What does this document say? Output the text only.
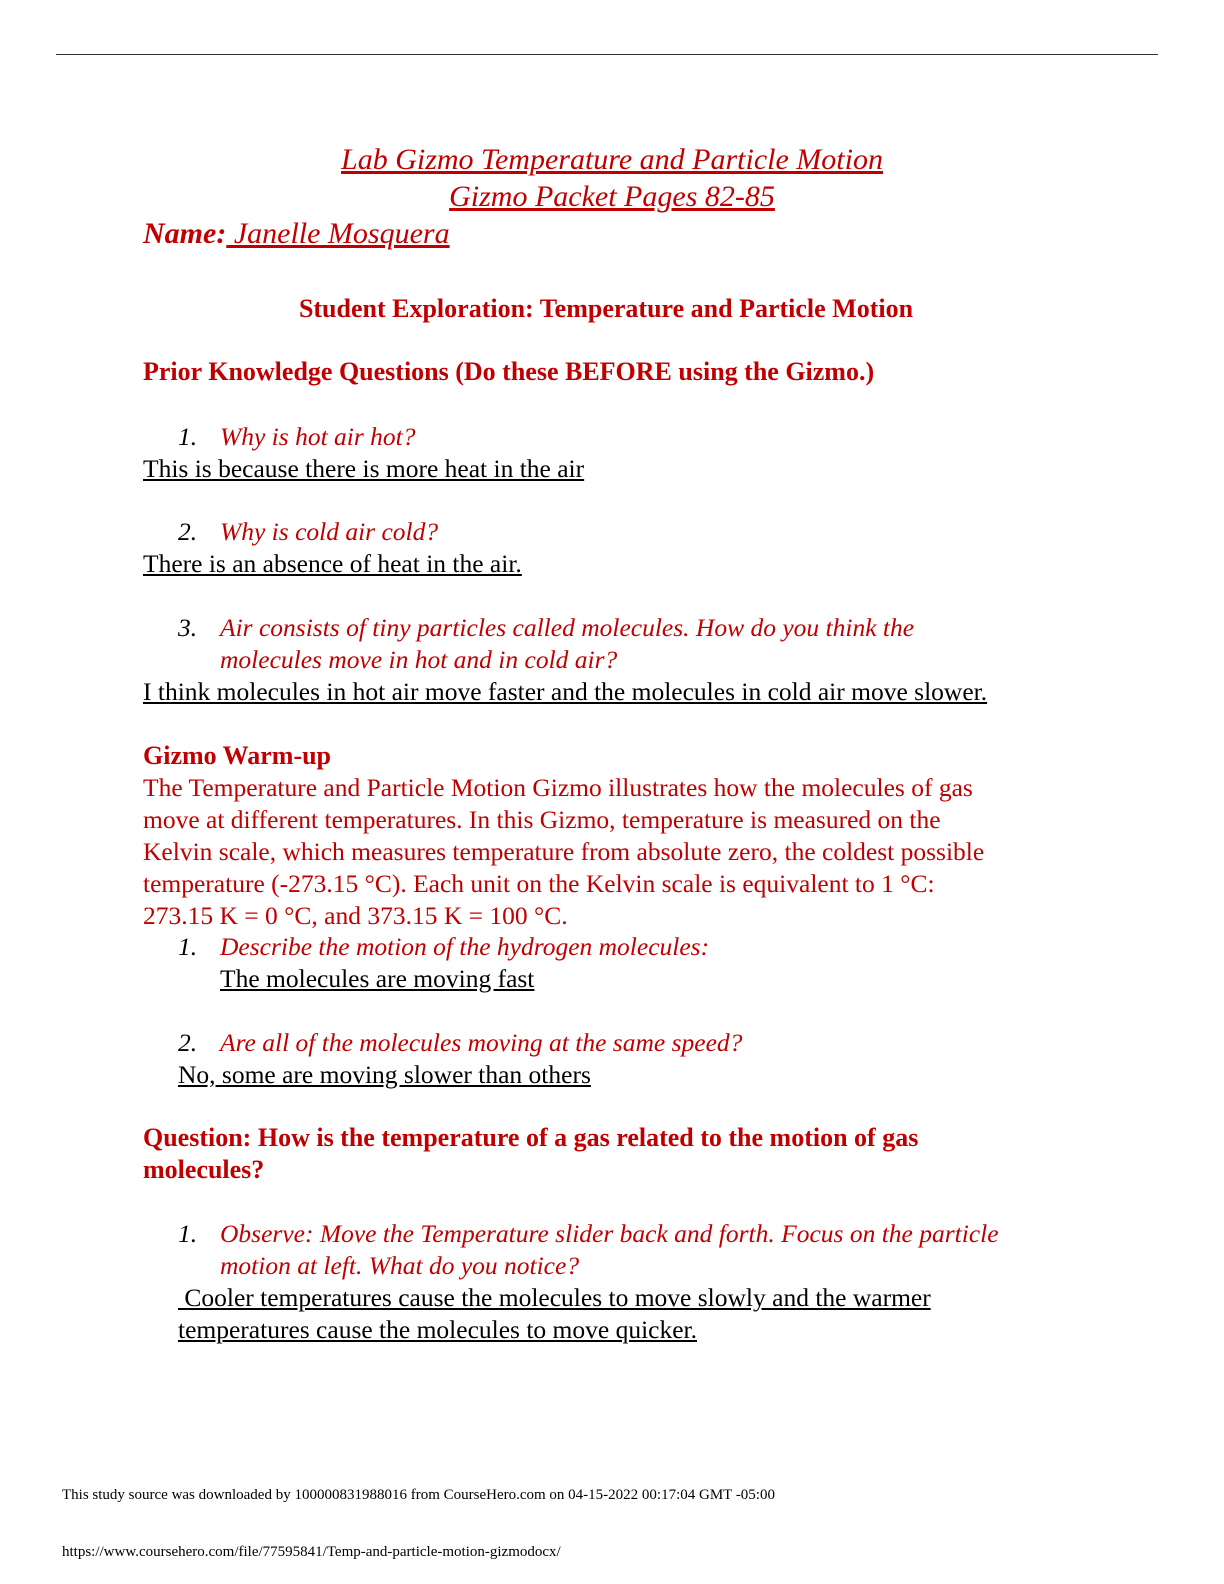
Lab Gizmo Temperature and Particle Motion
Gizmo Packet Pages 82-85
Name: Janelle Mosquera
Student Exploration: Temperature and Particle Motion
Prior Knowledge Questions (Do these BEFORE using the Gizmo.)
1. Why is hot air hot?
This is because there is more heat in the air
2. Why is cold air cold?
There is an absence of heat in the air.
3. Air consists of tiny particles called molecules. How do you think the
molecules move in hot and in cold air?
I think molecules in hot air move faster and the molecules in cold air move slower.
Gizmo Warm-up
The Temperature and Particle Motion Gizmo illustrates how the molecules of gas
move at different temperatures. In this Gizmo, temperature is measured on the
Kelvin scale, which measures temperature from absolute zero, the coldest possible
temperature (-273.15 °C). Each unit on the Kelvin scale is equivalent to 1 °C:
273.15 K = 0 °C, and 373.15 K = 100 °C.
1. Describe the motion of the hydrogen molecules:
The molecules are moving fast
2. Are all of the molecules moving at the same speed?
No, some are moving slower than others
Question: How is the temperature of a gas related to the motion of gas
molecules?
1. Observe: Move the Temperature slider back and forth. Focus on the particle
motion at left. What do you notice?
Cooler temperatures cause the molecules to move slowly and the warmer
temperatures cause the molecules to move quicker.
This study source was downloaded by 100000831988016 from CourseHero.com on 04-15-2022 00:17:04 GMT -05:00
https://www.coursehero.com/file/77595841/Temp-and-particle-motion-gizmodocx/
